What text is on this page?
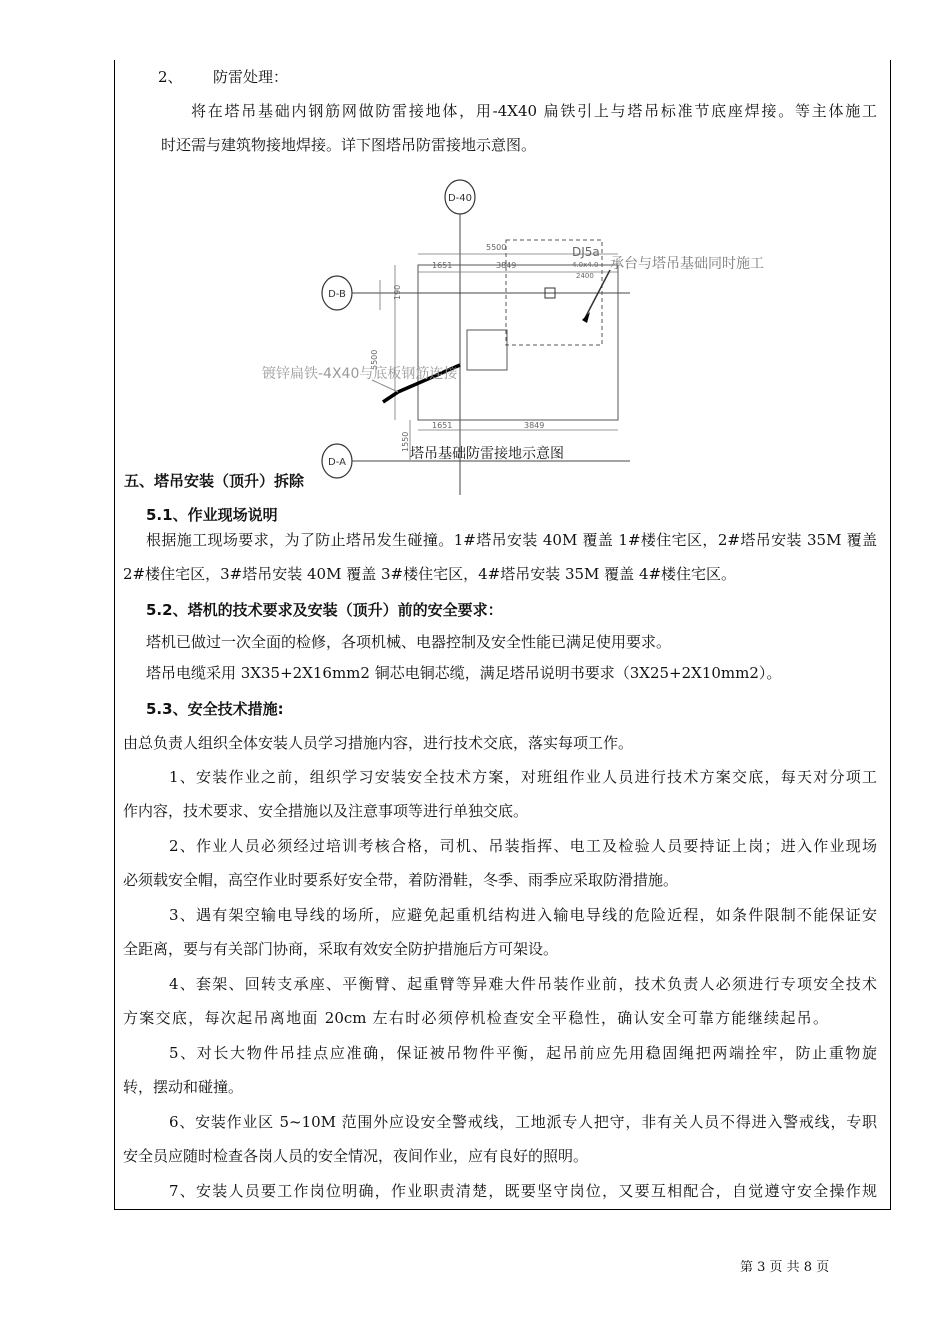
2、 防雷处理：
将在塔吊基础内钢筋网做防雷接地体，用-4X40 扁铁引上与塔吊标准节底座焊接。等主体施工
时还需与建筑物接地焊接。详下图塔吊防雷接地示意图。
D-40
D-B
D-A
5500
1651	3849
190
5500
1651	3849
1550
DJ5a
4.0x4.0
2400
承台与塔吊基础同时施工
镀锌扁铁-4X40与底板钢筋连接
塔吊基础防雷接地示意图
五、塔吊安装（顶升）拆除
5.1、作业现场说明
根据施工现场要求，为了防止塔吊发生碰撞。1#塔吊安装 40M 覆盖 1#楼住宅区，2#塔吊安装 35M 覆盖
2#楼住宅区，3#塔吊安装 40M 覆盖 3#楼住宅区，4#塔吊安装 35M 覆盖 4#楼住宅区。
5.2、塔机的技术要求及安装（顶升）前的安全要求：
塔机已做过一次全面的检修，各项机械、电器控制及安全性能已满足使用要求。
塔吊电缆采用 3X35+2X16mm2 铜芯电铜芯缆，满足塔吊说明书要求（3X25+2X10mm2）。
5.3、安全技术措施:
由总负责人组织全体安装人员学习措施内容，进行技术交底，落实每项工作。
1、安装作业之前，组织学习安装安全技术方案，对班组作业人员进行技术方案交底，每天对分项工
作内容，技术要求、安全措施以及注意事项等进行单独交底。
2、作业人员必须经过培训考核合格，司机、吊装指挥、电工及检验人员要持证上岗；进入作业现场
必须载安全帽，高空作业时要系好安全带，着防滑鞋，冬季、雨季应采取防滑措施。
3、遇有架空输电导线的场所，应避免起重机结构进入输电导线的危险近程，如条件限制不能保证安
全距离，要与有关部门协商，采取有效安全防护措施后方可架设。
4、套架、回转支承座、平衡臂、起重臂等异难大件吊装作业前，技术负责人必须进行专项安全技术
方案交底，每次起吊离地面 20cm 左右时必须停机检查安全平稳性，确认安全可靠方能继续起吊。
5、对长大物件吊挂点应准确，保证被吊物件平衡，起吊前应先用稳固绳把两端拴牢，防止重物旋
转，摆动和碰撞。
6、安装作业区 5~10M 范围外应设安全警戒线，工地派专人把守，非有关人员不得进入警戒线，专职
安全员应随时检查各岗人员的安全情况，夜间作业，应有良好的照明。
7、安装人员要工作岗位明确，作业职责清楚，既要坚守岗位，又要互相配合，自觉遵守安全操作规
第 3 页 共 8 页
